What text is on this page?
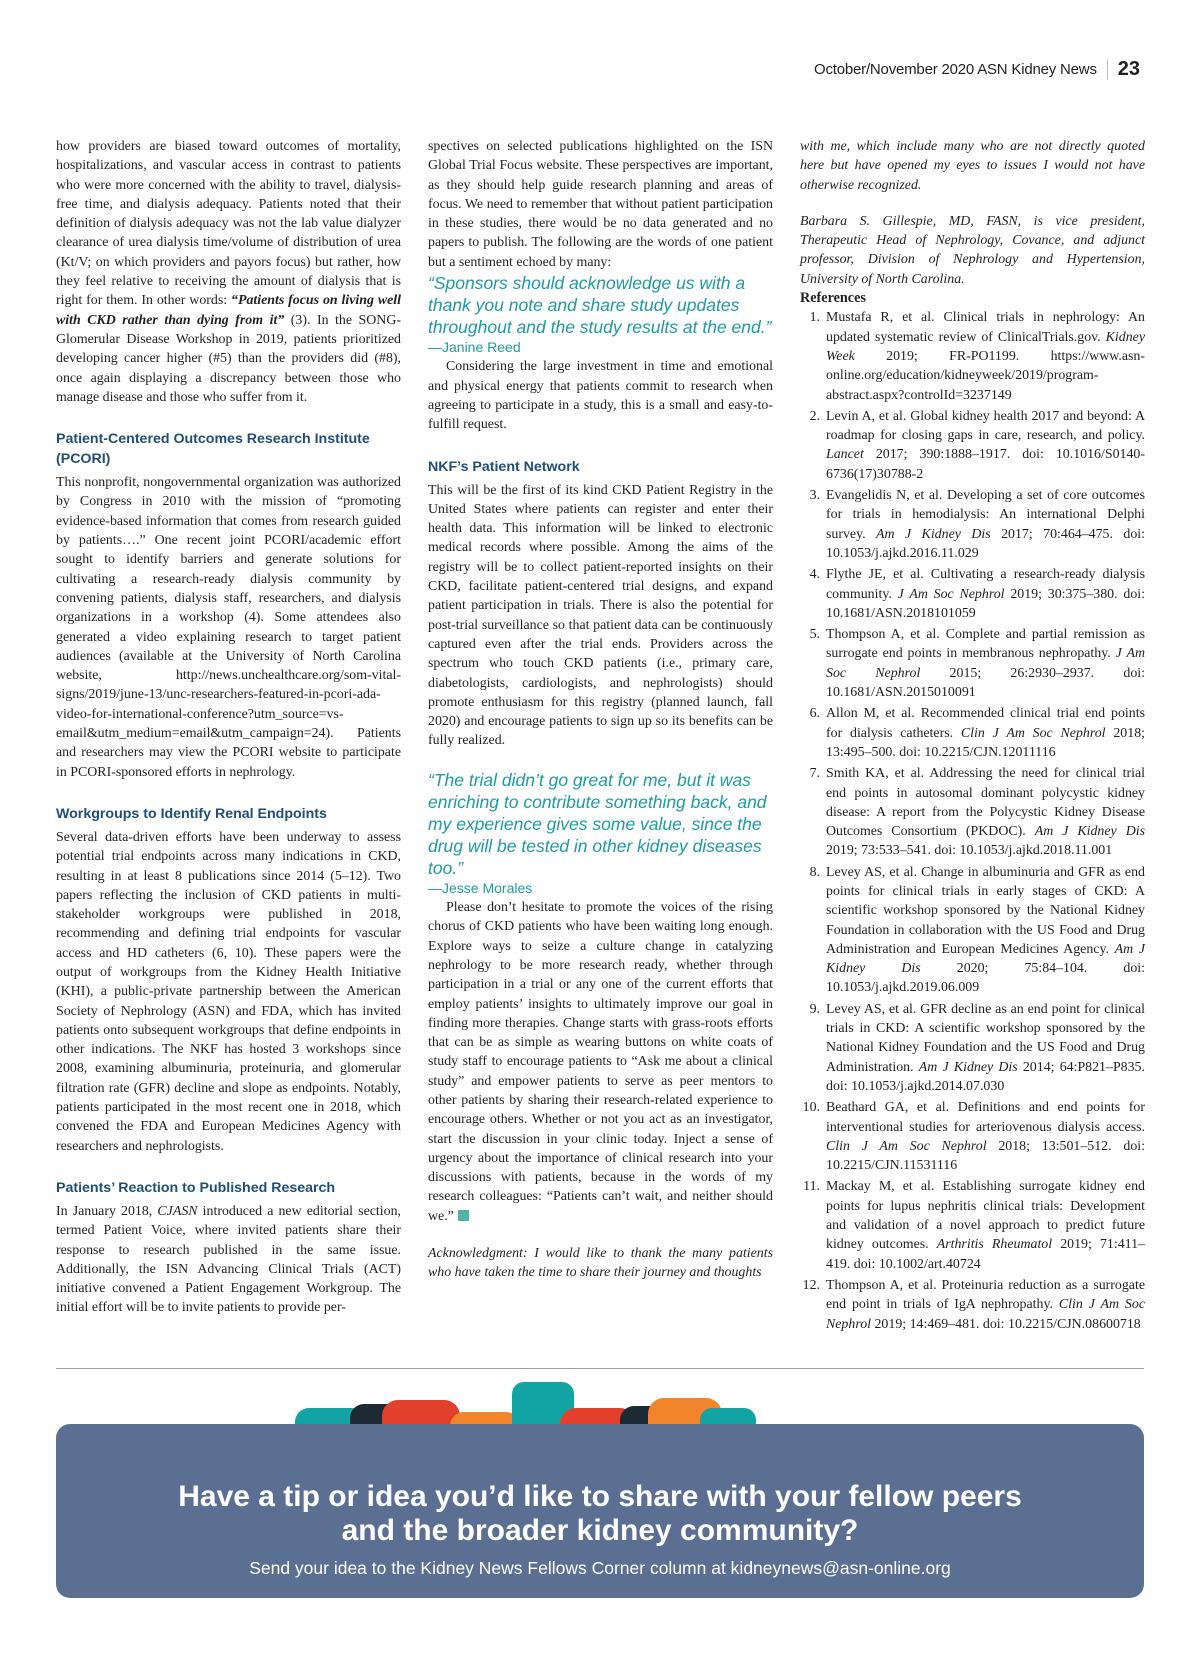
October/November 2020 ASN Kidney News 23

how providers are biased toward outcomes of mortality, hospitalizations, and vascular access in contrast to patients who were more concerned with the ability to travel, dialysis-free time, and dialysis adequacy. Patients noted that their definition of dialysis adequacy was not the lab value dialyzer clearance of urea dialysis time/volume of distribution of urea (Kt/V; on which providers and payors focus) but rather, how they feel relative to receiving the amount of dialysis that is right for them. In other words: “Patients focus on living well with CKD rather than dying from it” (3). In the SONG-Glomerular Disease Workshop in 2019, patients prioritized developing cancer higher (#5) than the providers did (#8), once again displaying a discrepancy between those who manage disease and those who suffer from it.

Patient-Centered Outcomes Research Institute (PCORI)

This nonprofit, nongovernmental organization was authorized by Congress in 2010 with the mission of “promoting evidence-based information that comes from research guided by patients….” One recent joint PCORI/academic effort sought to identify barriers and generate solutions for cultivating a research-ready dialysis community by convening patients, dialysis staff, researchers, and dialysis organizations in a workshop (4). Some attendees also generated a video explaining research to target patient audiences (available at the University of North Carolina website, http://news.unchealthcare.org/som-vital-signs/2019/june-13/unc-researchers-featured-in-pcori-ada-video-for-international-conference?utm_source=vs-email&utm_medium=email&utm_campaign=24). Patients and researchers may view the PCORI website to participate in PCORI-sponsored efforts in nephrology.

Workgroups to Identify Renal Endpoints

Several data-driven efforts have been underway to assess potential trial endpoints across many indications in CKD, resulting in at least 8 publications since 2014 (5–12). Two papers reflecting the inclusion of CKD patients in multi-stakeholder workgroups were published in 2018, recommending and defining trial endpoints for vascular access and HD catheters (6, 10). These papers were the output of workgroups from the Kidney Health Initiative (KHI), a public-private partnership between the American Society of Nephrology (ASN) and FDA, which has invited patients onto subsequent workgroups that define endpoints in other indications. The NKF has hosted 3 workshops since 2008, examining albuminuria, proteinuria, and glomerular filtration rate (GFR) decline and slope as endpoints. Notably, patients participated in the most recent one in 2018, which convened the FDA and European Medicines Agency with researchers and nephrologists.

Patients’ Reaction to Published Research

In January 2018, CJASN introduced a new editorial section, termed Patient Voice, where invited patients share their response to research published in the same issue. Additionally, the ISN Advancing Clinical Trials (ACT) initiative convened a Patient Engagement Workgroup. The initial effort will be to invite patients to provide per-

spectives on selected publications highlighted on the ISN Global Trial Focus website. These perspectives are important, as they should help guide research planning and areas of focus. We need to remember that without patient participation in these studies, there would be no data generated and no papers to publish. The following are the words of one patient but a sentiment echoed by many:

“Sponsors should acknowledge us with a thank you note and share study updates throughout and the study results at the end.”

—Janine Reed

Considering the large investment in time and emotional and physical energy that patients commit to research when agreeing to participate in a study, this is a small and easy-to-fulfill request.

NKF’s Patient Network

This will be the first of its kind CKD Patient Registry in the United States where patients can register and enter their health data. This information will be linked to electronic medical records where possible. Among the aims of the registry will be to collect patient-reported insights on their CKD, facilitate patient-centered trial designs, and expand patient participation in trials. There is also the potential for post-trial surveillance so that patient data can be continuously captured even after the trial ends. Providers across the spectrum who touch CKD patients (i.e., primary care, diabetologists, cardiologists, and nephrologists) should promote enthusiasm for this registry (planned launch, fall 2020) and encourage patients to sign up so its benefits can be fully realized.

“The trial didn’t go great for me, but it was enriching to contribute something back, and my experience gives some value, since the drug will be tested in other kidney diseases too.”

—Jesse Morales

Please don’t hesitate to promote the voices of the rising chorus of CKD patients who have been waiting long enough. Explore ways to seize a culture change in catalyzing nephrology to be more research ready, whether through participation in a trial or any one of the current efforts that employ patients’ insights to ultimately improve our goal in finding more therapies. Change starts with grass-roots efforts that can be as simple as wearing buttons on white coats of study staff to encourage patients to “Ask me about a clinical study” and empower patients to serve as peer mentors to other patients by sharing their research-related experience to encourage others. Whether or not you act as an investigator, start the discussion in your clinic today. Inject a sense of urgency about the importance of clinical research into your discussions with patients, because in the words of my research colleagues: “Patients can’t wait, and neither should we.”

Acknowledgment: I would like to thank the many patients who have taken the time to share their journey and thoughts

with me, which include many who are not directly quoted here but have opened my eyes to issues I would not have otherwise recognized.

Barbara S. Gillespie, MD, FASN, is vice president, Therapeutic Head of Nephrology, Covance, and adjunct professor, Division of Nephrology and Hypertension, University of North Carolina.

References

1. Mustafa R, et al. Clinical trials in nephrology: An updated systematic review of ClinicalTrials.gov. Kidney Week 2019; FR-PO1199. https://www.asn-online.org/education/kidneyweek/2019/program-abstract.aspx?controlId=3237149
2. Levin A, et al. Global kidney health 2017 and beyond: A roadmap for closing gaps in care, research, and policy. Lancet 2017; 390:1888–1917. doi: 10.1016/S0140-6736(17)30788-2
3. Evangelidis N, et al. Developing a set of core outcomes for trials in hemodialysis: An international Delphi survey. Am J Kidney Dis 2017; 70:464–475. doi: 10.1053/j.ajkd.2016.11.029
4. Flythe JE, et al. Cultivating a research-ready dialysis community. J Am Soc Nephrol 2019; 30:375–380. doi: 10.1681/ASN.2018101059
5. Thompson A, et al. Complete and partial remission as surrogate end points in membranous nephropathy. J Am Soc Nephrol 2015; 26:2930–2937. doi: 10.1681/ASN.2015010091
6. Allon M, et al. Recommended clinical trial end points for dialysis catheters. Clin J Am Soc Nephrol 2018; 13:495–500. doi: 10.2215/CJN.12011116
7. Smith KA, et al. Addressing the need for clinical trial end points in autosomal dominant polycystic kidney disease: A report from the Polycystic Kidney Disease Outcomes Consortium (PKDOC). Am J Kidney Dis 2019; 73:533–541. doi: 10.1053/j.ajkd.2018.11.001
8. Levey AS, et al. Change in albuminuria and GFR as end points for clinical trials in early stages of CKD: A scientific workshop sponsored by the National Kidney Foundation in collaboration with the US Food and Drug Administration and European Medicines Agency. Am J Kidney Dis 2020; 75:84–104. doi: 10.1053/j.ajkd.2019.06.009
9. Levey AS, et al. GFR decline as an end point for clinical trials in CKD: A scientific workshop sponsored by the National Kidney Foundation and the US Food and Drug Administration. Am J Kidney Dis 2014; 64:P821–P835. doi: 10.1053/j.ajkd.2014.07.030
10. Beathard GA, et al. Definitions and end points for interventional studies for arteriovenous dialysis access. Clin J Am Soc Nephrol 2018; 13:501–512. doi: 10.2215/CJN.11531116
11. Mackay M, et al. Establishing surrogate kidney end points for lupus nephritis clinical trials: Development and validation of a novel approach to predict future kidney outcomes. Arthritis Rheumatol 2019; 71:411–419. doi: 10.1002/art.40724
12. Thompson A, et al. Proteinuria reduction as a surrogate end point in trials of IgA nephropathy. Clin J Am Soc Nephrol 2019; 14:469–481. doi: 10.2215/CJN.08600718
Have a tip or idea you’d like to share with your fellow peers
and the broader kidney community?
Send your idea to the Kidney News Fellows Corner column at kidneynews@asn-online.org
